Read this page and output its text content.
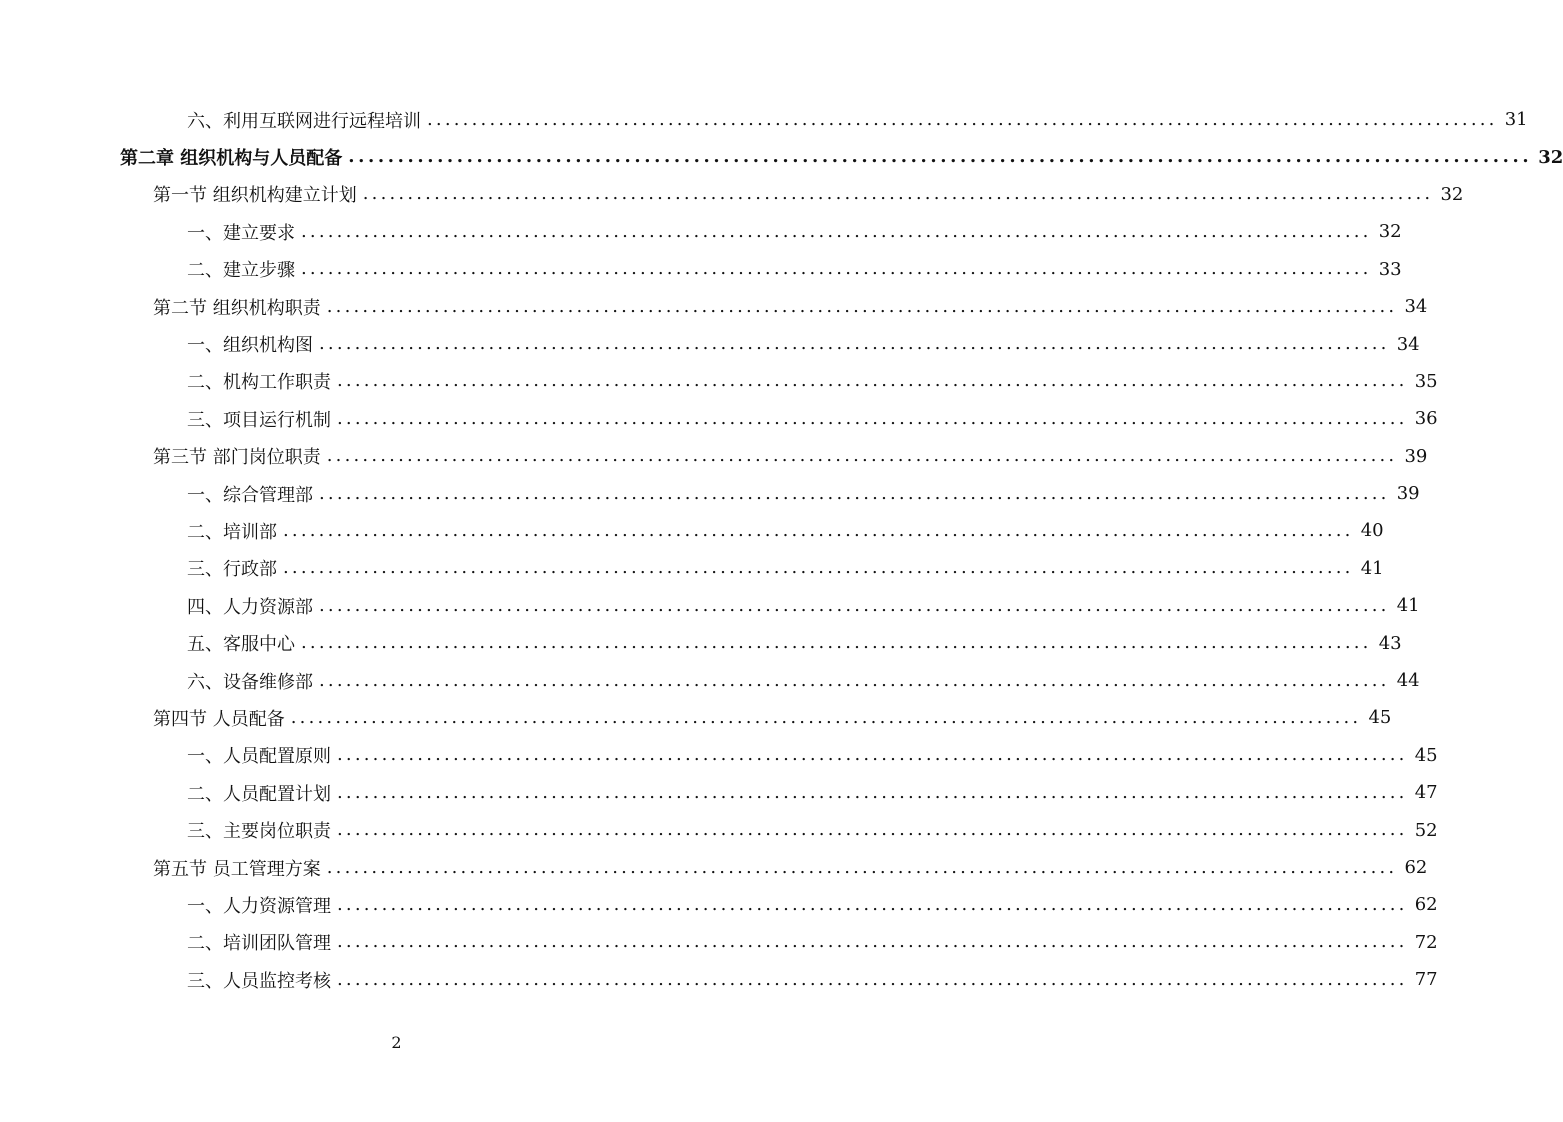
六、利用互联网进行远程培训 ........................................................................................................................ 31
第二章 组织机构与人员配备 ........................................................................................................................ 32
第一节 组织机构建立计划 ........................................................................................................................ 32
一、建立要求 ........................................................................................................................ 32
二、建立步骤 ........................................................................................................................ 33
第二节 组织机构职责 ........................................................................................................................ 34
一、组织机构图 ........................................................................................................................ 34
二、机构工作职责 ........................................................................................................................ 35
三、项目运行机制 ........................................................................................................................ 36
第三节 部门岗位职责 ........................................................................................................................ 39
一、综合管理部 ........................................................................................................................ 39
二、培训部 ........................................................................................................................ 40
三、行政部 ........................................................................................................................ 41
四、人力资源部 ........................................................................................................................ 41
五、客服中心 ........................................................................................................................ 43
六、设备维修部 ........................................................................................................................ 44
第四节 人员配备 ........................................................................................................................ 45
一、人员配置原则 ........................................................................................................................ 45
二、人员配置计划 ........................................................................................................................ 47
三、主要岗位职责 ........................................................................................................................ 52
第五节 员工管理方案 ........................................................................................................................ 62
一、人力资源管理 ........................................................................................................................ 62
二、培训团队管理 ........................................................................................................................ 72
三、人员监控考核 ........................................................................................................................ 77
2
